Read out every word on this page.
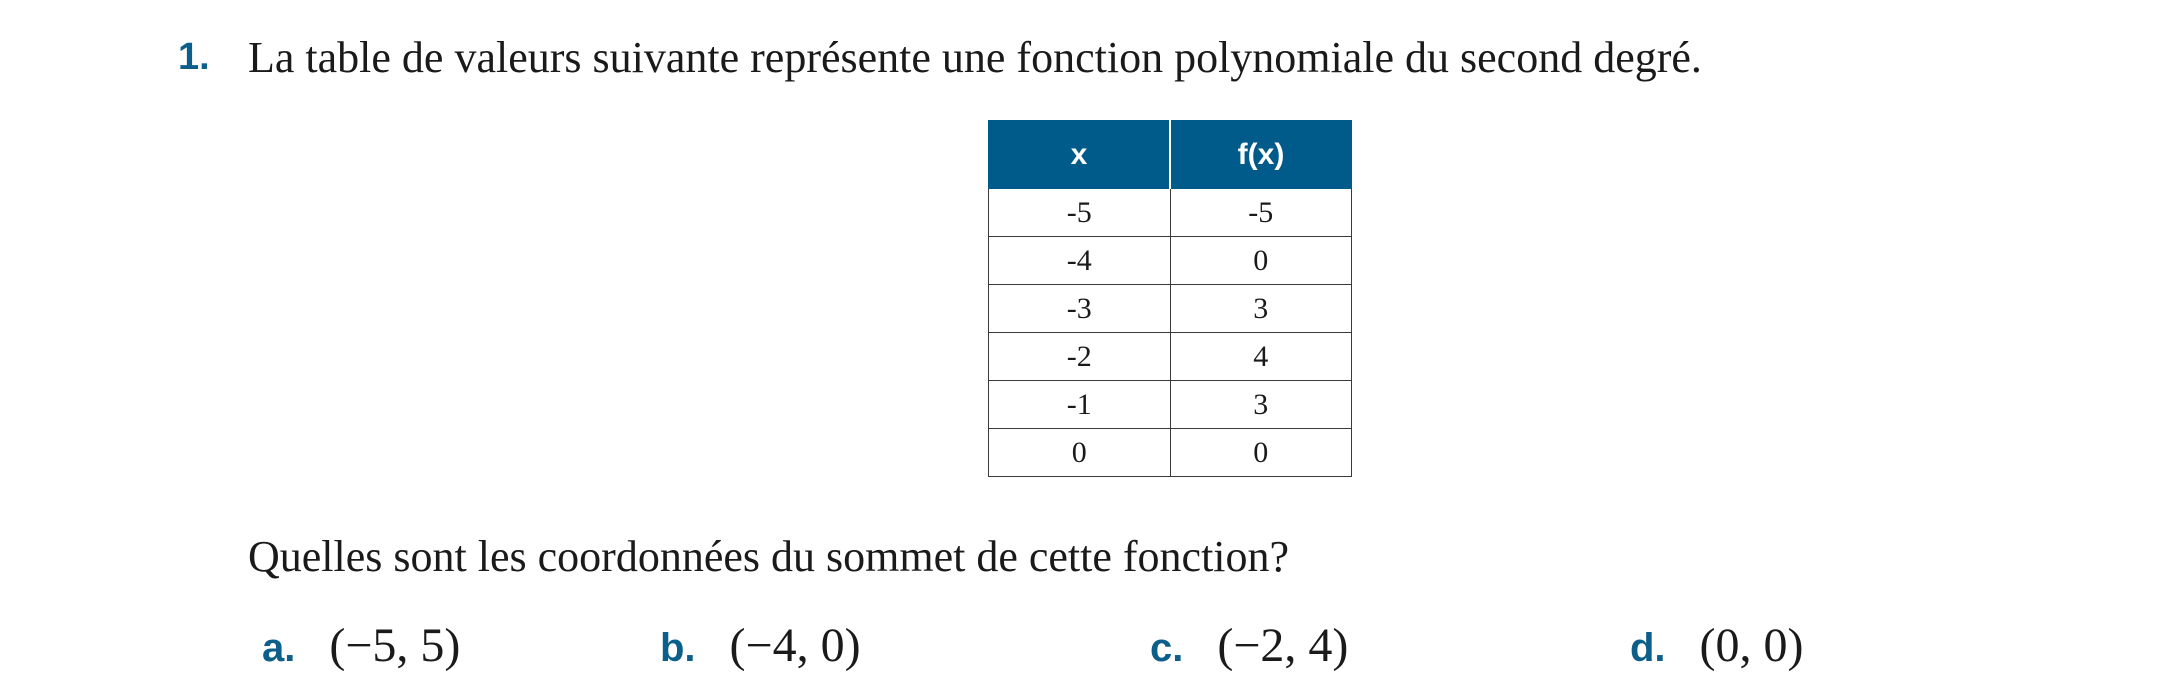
1. La table de valeurs suivante représente une fonction polynomiale du second degré.
x	f(x)
-5	-5
-4	0
-3	3
-2	4
-1	3
0	0
Quelles sont les coordonnées du sommet de cette fonction?
a. (−5, 5)	b. (−4, 0)	c. (−2, 4)	d. (0, 0)
